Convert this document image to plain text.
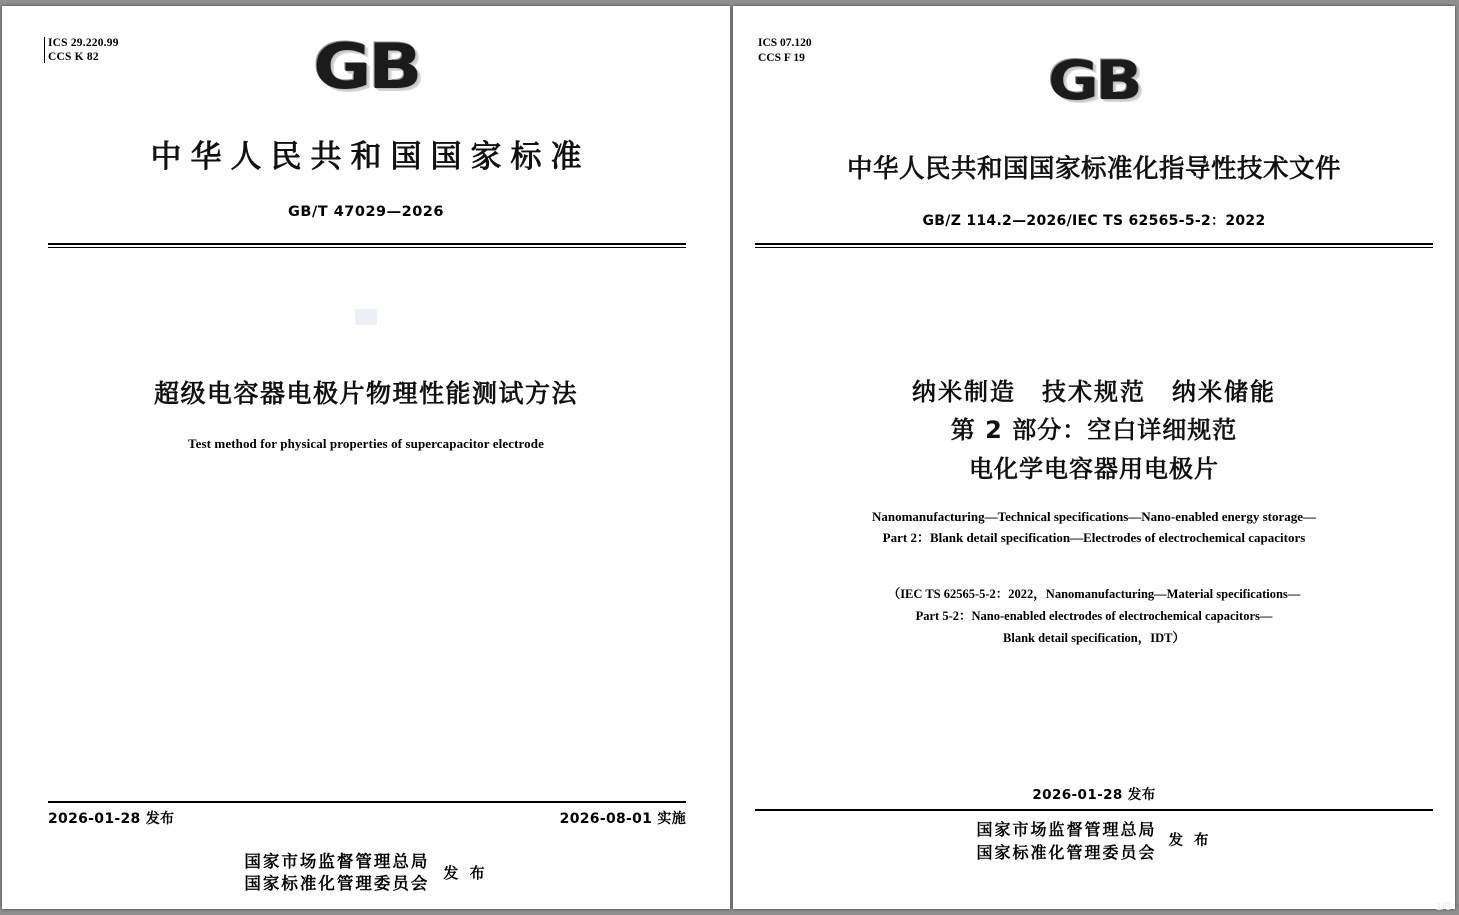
ICS 29.220.99
CCS K 82	GB
中华人民共和国国家标准
GB/T 47029—2026
超级电容器电极片物理性能测试方法
Test method for physical properties of supercapacitor electrode
2026-01-28 发布	2026-08-01 实施
国家市场监督管理总局
国家标准化管理委员会
发 布
ICS 07.120
CCS F 19	GB
中华人民共和国国家标准化指导性技术文件
GB/Z 114.2—2026/IEC TS 62565-5-2：2022
纳米制造　技术规范　纳米储能
第 2 部分：空白详细规范
电化学电容器用电极片
Nanomanufacturing—Technical specifications—Nano-enabled energy storage—
Part 2：Blank detail specification—Electrodes of electrochemical capacitors
（IEC TS 62565-5-2：2022，Nanomanufacturing—Material specifications—
Part 5-2：Nano-enabled electrodes of electrochemical capacitors—
Blank detail specification，IDT）
2026-01-28 发布
国家市场监督管理总局
国家标准化管理委员会
发 布
1/3
